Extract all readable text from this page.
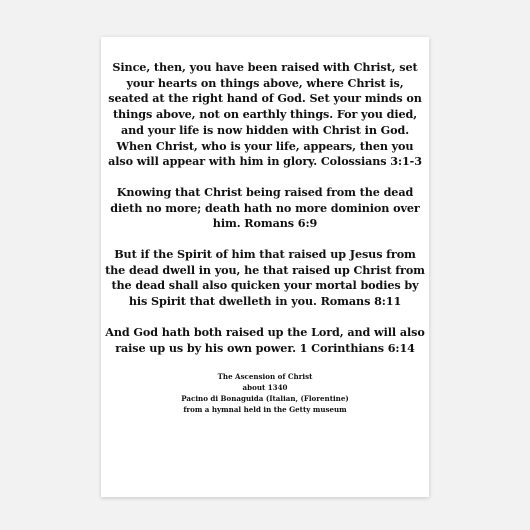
Since, then, you have been raised with Christ, set your hearts on things above, where Christ is, seated at the right hand of God. Set your minds on things above, not on earthly things. For you died, and your life is now hidden with Christ in God. When Christ, who is your life, appears, then you also will appear with him in glory. Colossians 3:1-3

Knowing that Christ being raised from the dead dieth no more; death hath no more dominion over him. Romans 6:9

But if the Spirit of him that raised up Jesus from the dead dwell in you, he that raised up Christ from the dead shall also quicken your mortal bodies by his Spirit that dwelleth in you. Romans 8:11

And God hath both raised up the Lord, and will also raise up us by his own power. 1 Corinthians 6:14

The Ascension of Christ
about 1340
Pacino di Bonaguida (Italian, (Florentine)
from a hymnal held in the Getty museum
